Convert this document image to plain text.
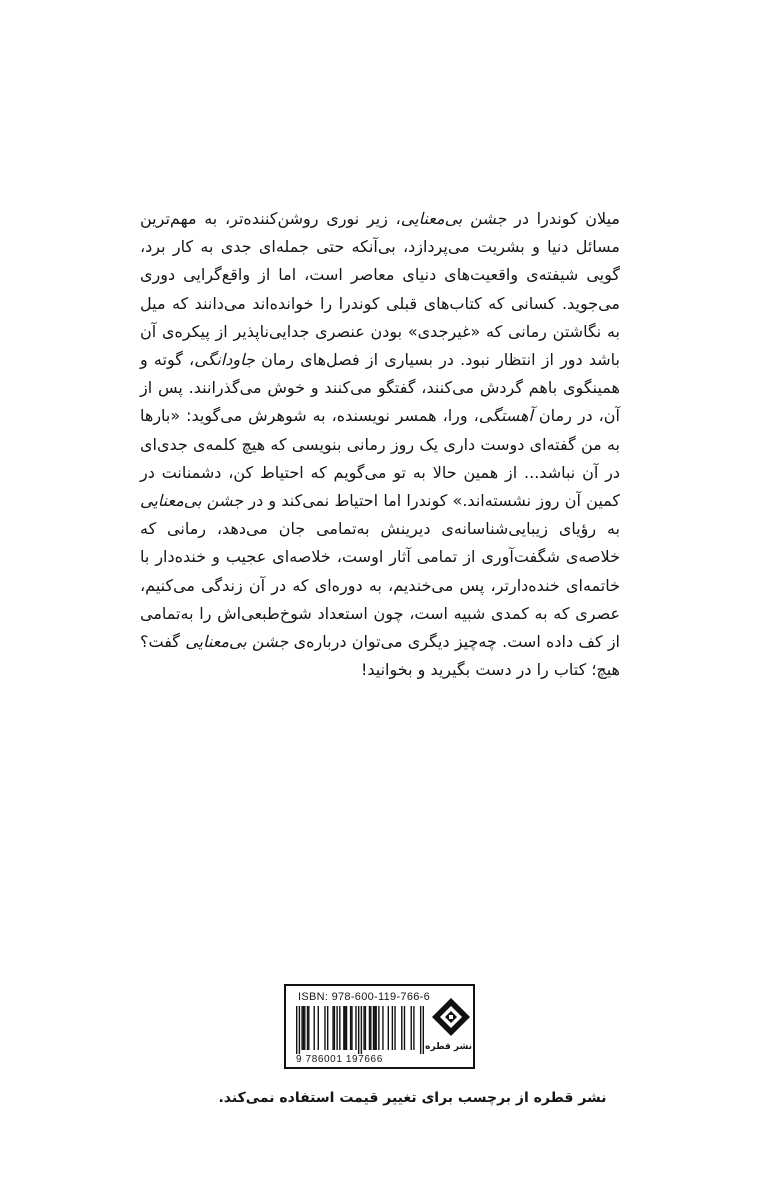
میلان کوندرا در جشن بی‌معنایی، زیر نوری روشن‌کننده‌تر، به مهم‌ترین مسائل دنیا و بشریت می‌پردازد، بی‌آنکه حتی جمله‌ای جدی به کار برد، گویی شیفته‌ی واقعیت‌های دنیای معاصر است، اما از واقع‌گرایی دوری می‌جوید. کسانی که کتاب‌های قبلی کوندرا را خوانده‌اند می‌دانند که میل به نگاشتن رمانی که «غیرجدی» بودن عنصری جدایی‌ناپذیر از پیکره‌ی آن باشد دور از انتظار نبود. در بسیاری از فصل‌های رمان جاودانگی، گوته و همینگوی باهم گردش می‌کنند، گفتگو می‌کنند و خوش می‌گذرانند. پس از آن، در رمان آهستگی، ورا، همسر نویسنده، به شوهرش می‌گوید: «بارها به من گفته‌ای دوست داری یک روز رمانی بنویسی که هیچ کلمه‌ی جدی‌ای در آن نباشد... از همین حالا به تو می‌گویم که احتیاط کن، دشمنانت در کمین آن روز نشسته‌اند.» کوندرا اما احتیاط نمی‌کند و در جشن بی‌معنایی به رؤیای زیبایی‌شناسانه‌ی دیرینش به‌تمامی جان می‌دهد، رمانی که خلاصه‌ی شگفت‌آوری از تمامی آثار اوست، خلاصه‌ای عجیب و خنده‌دار با خاتمه‌ای خنده‌دارتر، پس می‌خندیم، به دوره‌ای که در آن زندگی می‌کنیم، عصری که به کمدی شبیه است، چون استعداد شوخ‌طبعی‌اش را به‌تمامی از کف داده است. چه‌چیز دیگری می‌توان درباره‌ی جشن بی‌معنایی گفت؟ هیچ؛ کتاب را در دست بگیرید و بخوانید!

ISBN: 978-600-119-766-6
9 786001 197666
نشر قطره
نشر قطره از برچسب برای تغییر قیمت استفاده نمی‌کند.
